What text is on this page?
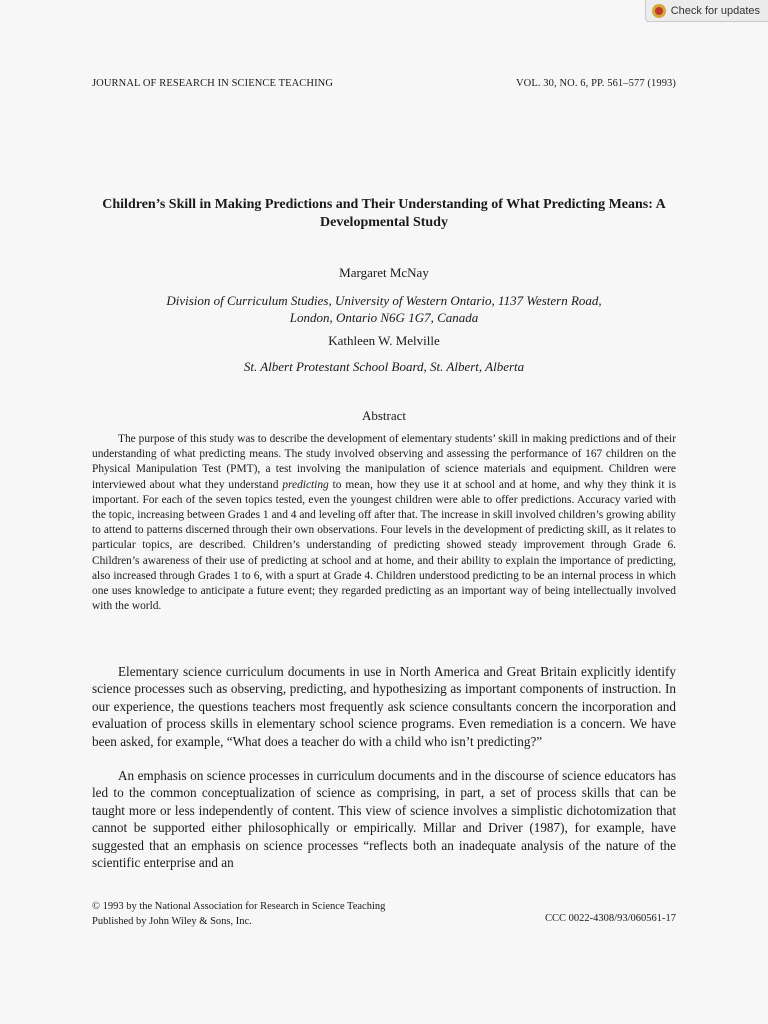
Check for updates
JOURNAL OF RESEARCH IN SCIENCE TEACHING	VOL. 30, NO. 6, PP. 561–577 (1993)
Children’s Skill in Making Predictions and Their Understanding of What Predicting Means: A Developmental Study
Margaret McNay
Division of Curriculum Studies, University of Western Ontario, 1137 Western Road,
London, Ontario N6G 1G7, Canada
Kathleen W. Melville
St. Albert Protestant School Board, St. Albert, Alberta
Abstract

The purpose of this study was to describe the development of elementary students’ skill in making predictions and of their understanding of what predicting means. The study involved observing and assessing the performance of 167 children on the Physical Manipulation Test (PMT), a test involving the manipulation of science materials and equipment. Children were interviewed about what they understand predicting to mean, how they use it at school and at home, and why they think it is important. For each of the seven topics tested, even the youngest children were able to offer predictions. Accuracy varied with the topic, increasing between Grades 1 and 4 and leveling off after that. The increase in skill involved children’s growing ability to attend to patterns discerned through their own observations. Four levels in the development of predicting skill, as it relates to particular topics, are described. Children’s understanding of predicting showed steady improvement through Grade 6. Children’s awareness of their use of predicting at school and at home, and their ability to explain the importance of predicting, also increased through Grades 1 to 6, with a spurt at Grade 4. Children understood predicting to be an internal process in which one uses knowledge to anticipate a future event; they regarded predicting as an important way of being intellectually involved with the world.

Elementary science curriculum documents in use in North America and Great Britain explicitly identify science processes such as observing, predicting, and hypothesizing as important components of instruction. In our experience, the questions teachers most frequently ask science consultants concern the incorporation and evaluation of process skills in elementary school science programs. Even remediation is a concern. We have been asked, for example, “What does a teacher do with a child who isn’t predicting?”

An emphasis on science processes in curriculum documents and in the discourse of science educators has led to the common conceptualization of science as comprising, in part, a set of process skills that can be taught more or less independently of content. This view of science involves a simplistic dichotomization that cannot be supported either philosophically or empirically. Millar and Driver (1987), for example, have suggested that an emphasis on science processes “reflects both an inadequate analysis of the nature of the scientific enterprise and an

© 1993 by the National Association for Research in Science Teaching
Published by John Wiley & Sons, Inc.	CCC 0022-4308/93/060561-17
